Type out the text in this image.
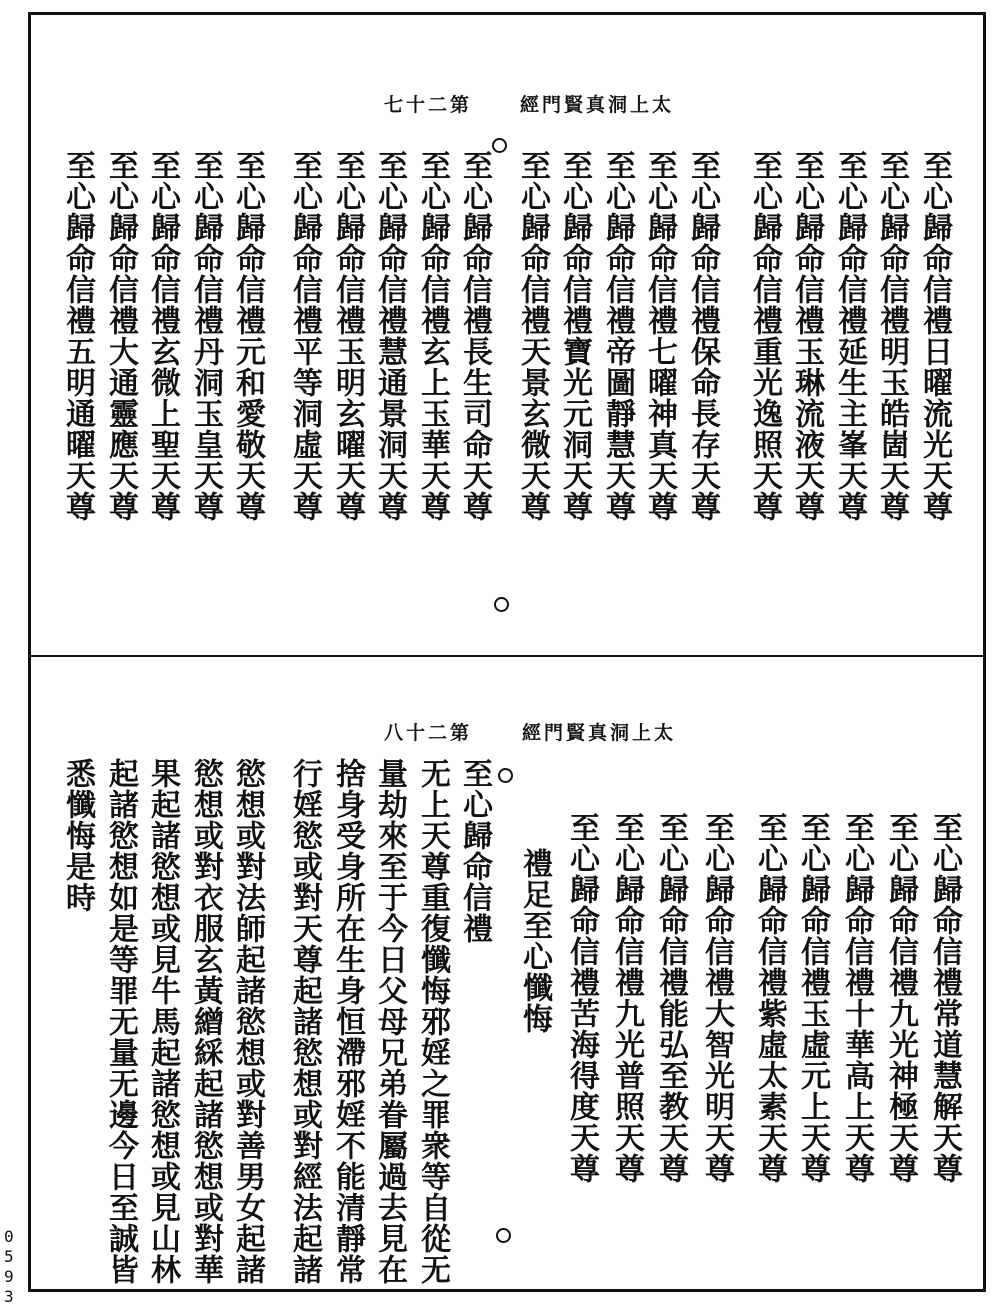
第二十七	太上洞真賢門經
至心歸命信禮日曜流光天尊
至心歸命信禮明玉皓崮天尊
至心歸命信禮延生主峯天尊
至心歸命信禮玉琳流液天尊
至心歸命信禮重光逸照天尊
至心歸命信禮保命長存天尊
至心歸命信禮七曜神真天尊
至心歸命信禮帝圖靜慧天尊
至心歸命信禮寶光元洞天尊
至心歸命信禮天景玄微天尊
至心歸命信禮長生司命天尊
至心歸命信禮玄上玉華天尊
至心歸命信禮慧通景洞天尊
至心歸命信禮玉明玄曜天尊
至心歸命信禮平等洞虛天尊
至心歸命信禮元和愛敬天尊
至心歸命信禮丹洞玉皇天尊
至心歸命信禮玄微上聖天尊
至心歸命信禮大通靈應天尊
至心歸命信禮五明通曜天尊
第二十八	太上洞真賢門經
至心歸命信禮常道慧解天尊
至心歸命信禮九光神極天尊
至心歸命信禮十華高上天尊
至心歸命信禮玉虛元上天尊
至心歸命信禮紫虛太素天尊
至心歸命信禮大智光明天尊
至心歸命信禮能弘至教天尊
至心歸命信禮九光普照天尊
至心歸命信禮苦海得度天尊
禮足至心懺悔
至心歸命信禮
无上天尊重復懺悔邪婬之罪衆等自從无
量劫來至于今日父母兄弟眷屬過去見在
捨身受身所在生身恒滯邪婬不能清靜常
行婬慾或對天尊起諸慾想或對經法起諸
慾想或對法師起諸慾想或對善男女起諸
慾想或對衣服玄黃繒綵起諸慾想或對華
果起諸慾想或見牛馬起諸慾想或見山林
起諸慾想如是等罪无量无邊今日至誠皆
悉懺悔是時
0593
